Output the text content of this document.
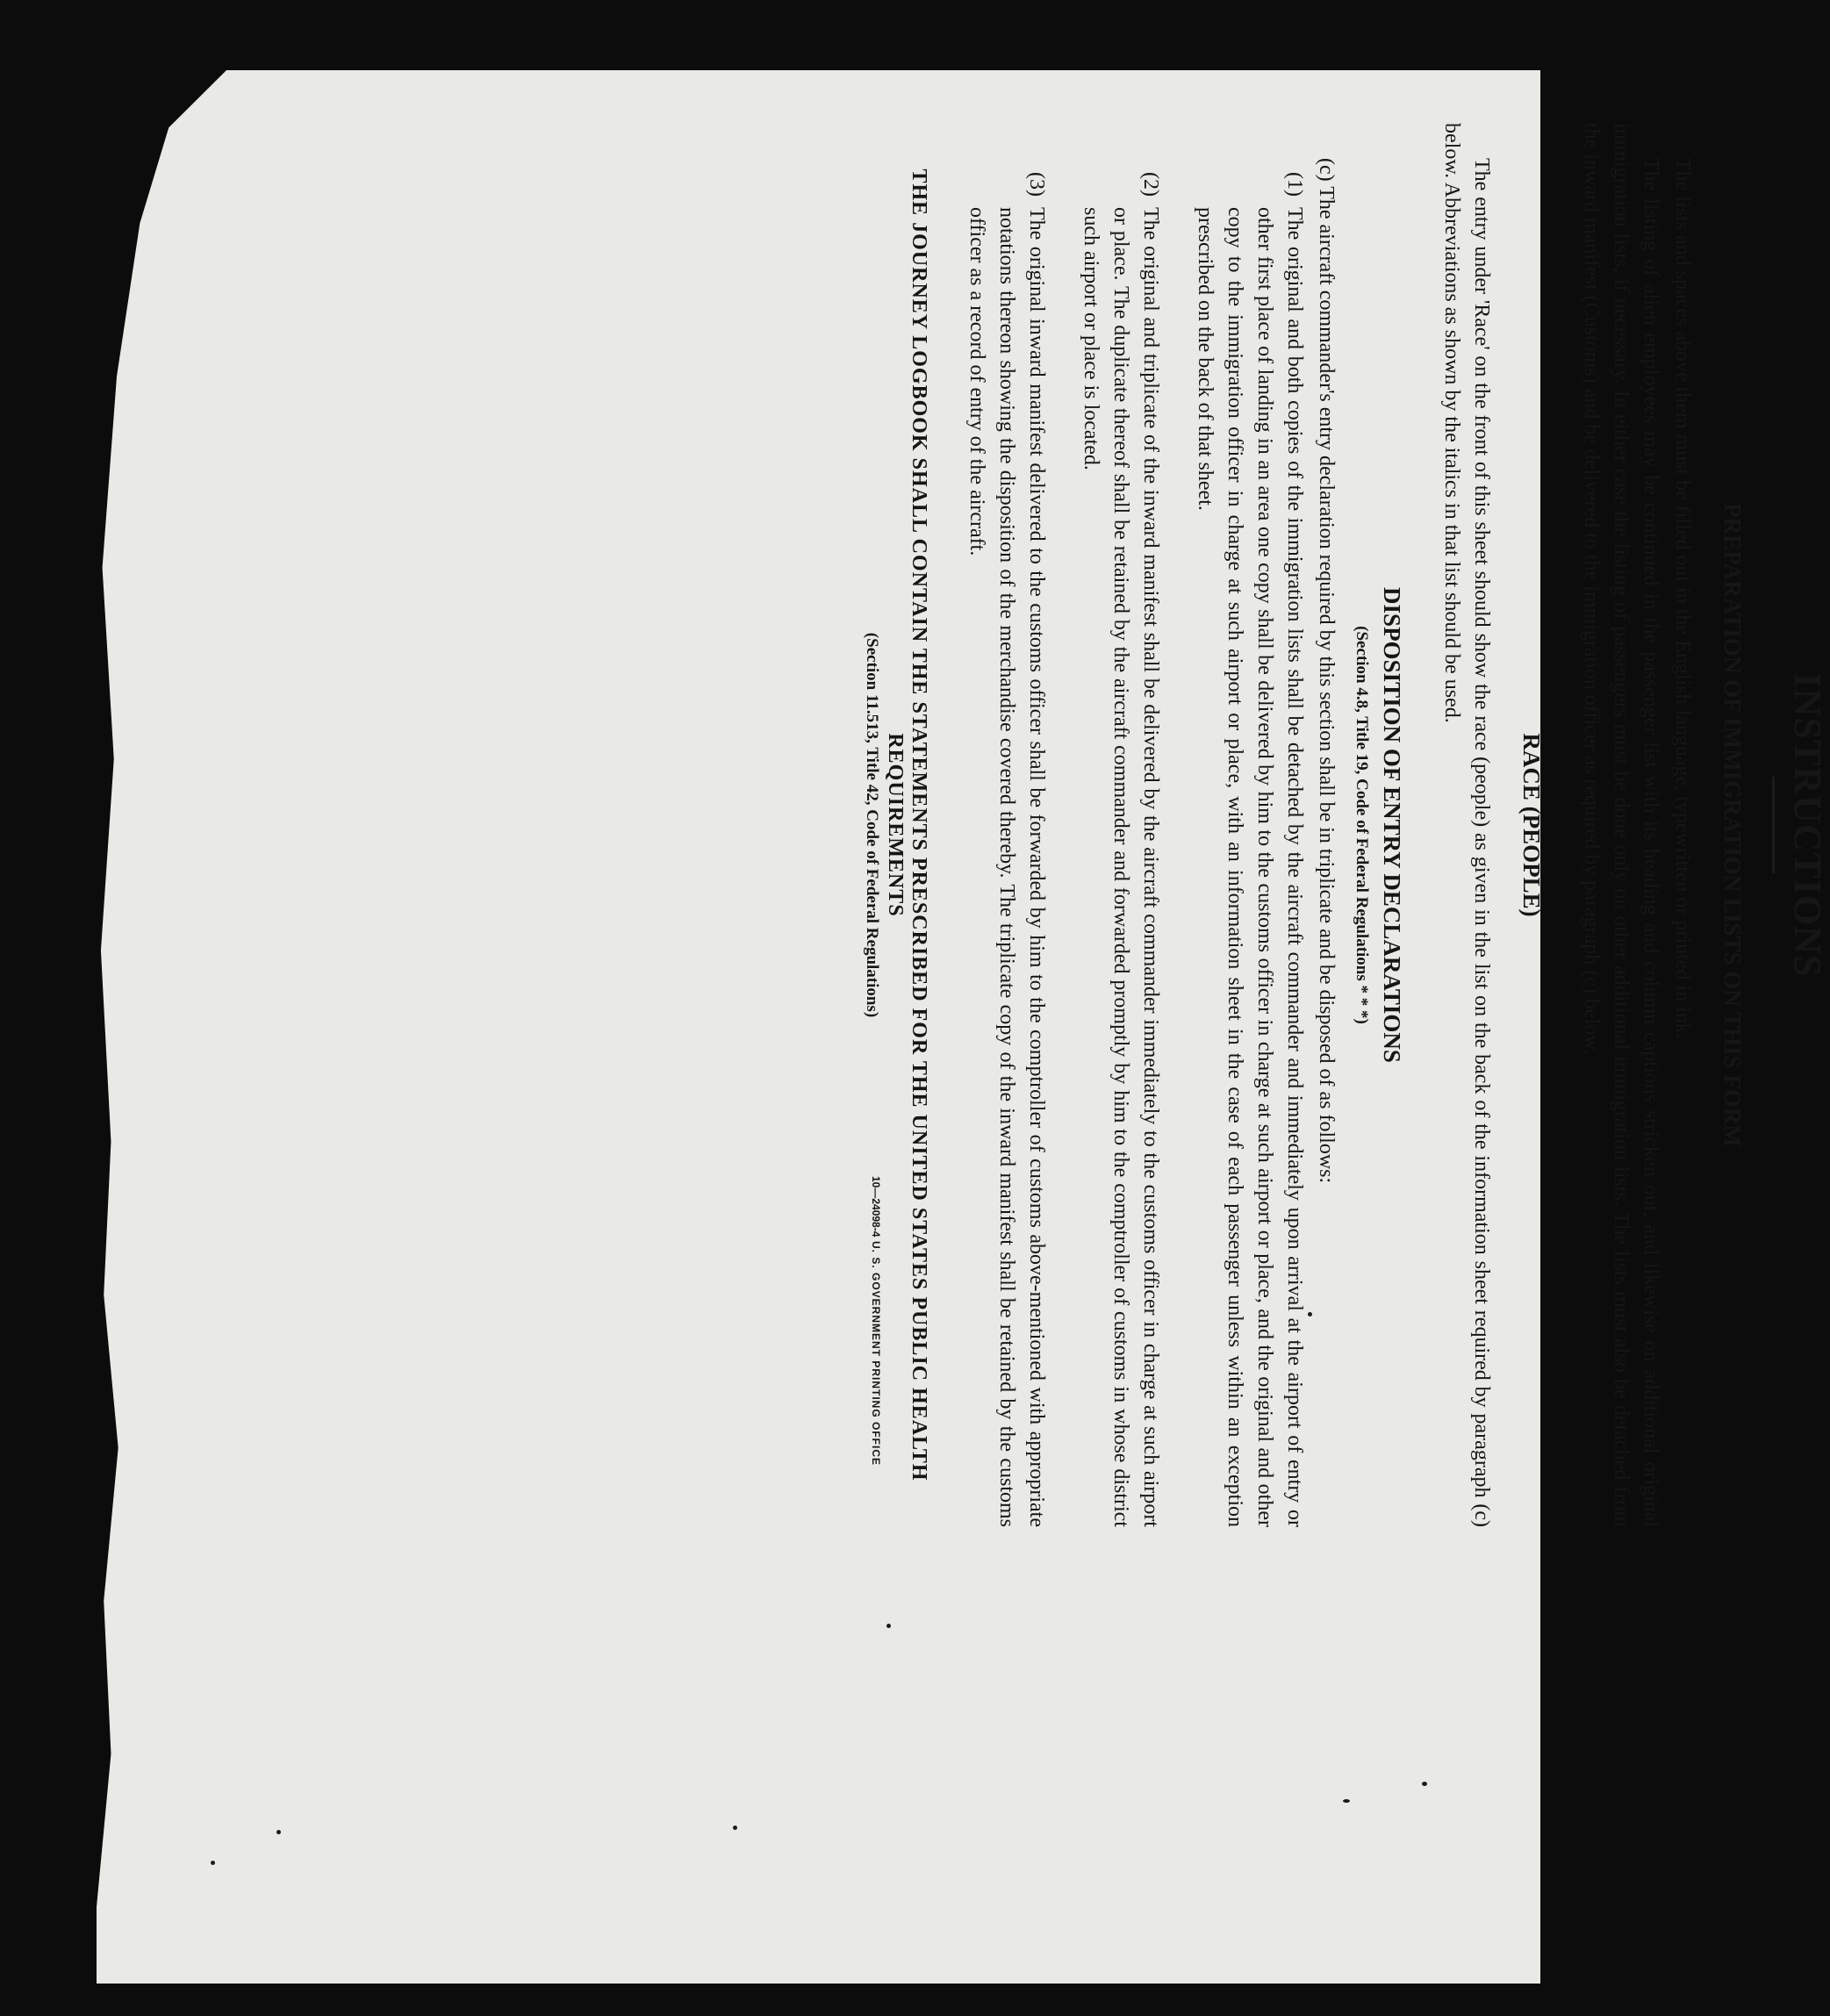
INSTRUCTIONS
PREPARATION OF IMMIGRATION LISTS ON THIS FORM

The lists and spaces above them must be filled out in the English language, typewritten or printed in ink.

The listing of alien employees may be continued in the passenger list with its heading and column captions stricken out, and likewise on additional original immigration lists, if necessary. In either case the listing of passengers must be done only on other additional immigration lists. The lists must also be detached from the inward manifest (Customs) and be delivered to the immigration officer as required by paragraph (c) below.

RACE (PEOPLE)

The entry under 'Race' on the front of this sheet should show the race (people) as given in the list on the back of the information sheet required by paragraph (c) below. Abbreviations as shown by the italics in that list should be used.

DISPOSITION OF ENTRY DECLARATIONS
(Section 4.8, Title 19, Code of Federal Regulations * * *)
(c) The aircraft commander's entry declaration required by this section shall be in triplicate and be disposed of as follows:
(1)
The original and both copies of the immigration lists shall be detached by the aircraft commander and immediately upon arrival at the airport of entry or other first place of landing in an area one copy shall be delivered by him to the customs officer in charge at such airport or place, and the original and other copy to the immigration officer in charge at such airport or place, with an information sheet in the case of each passenger unless within an exception prescribed on the back of that sheet.
(2)
The original and triplicate of the inward manifest shall be delivered by the aircraft commander immediately to the customs officer in charge at such airport or place. The duplicate thereof shall be retained by the aircraft commander and forwarded promptly by him to the comptroller of customs in whose district such airport or place is located.
(3)
The original inward manifest delivered to the customs officer shall be forwarded by him to the comptroller of customs above-mentioned with appropriate notations thereon showing the disposition of the merchandise covered thereby. The triplicate copy of the inward manifest shall be retained by the customs officer as a record of entry of the aircraft.
THE JOURNEY LOGBOOK SHALL CONTAIN THE STATEMENTS PRESCRIBED FOR THE UNITED STATES PUBLIC HEALTH REQUIREMENTS
(Section 11.513, Title 42, Code of Federal Regulations)
10—24098-4
U. S. GOVERNMENT PRINTING OFFICE
